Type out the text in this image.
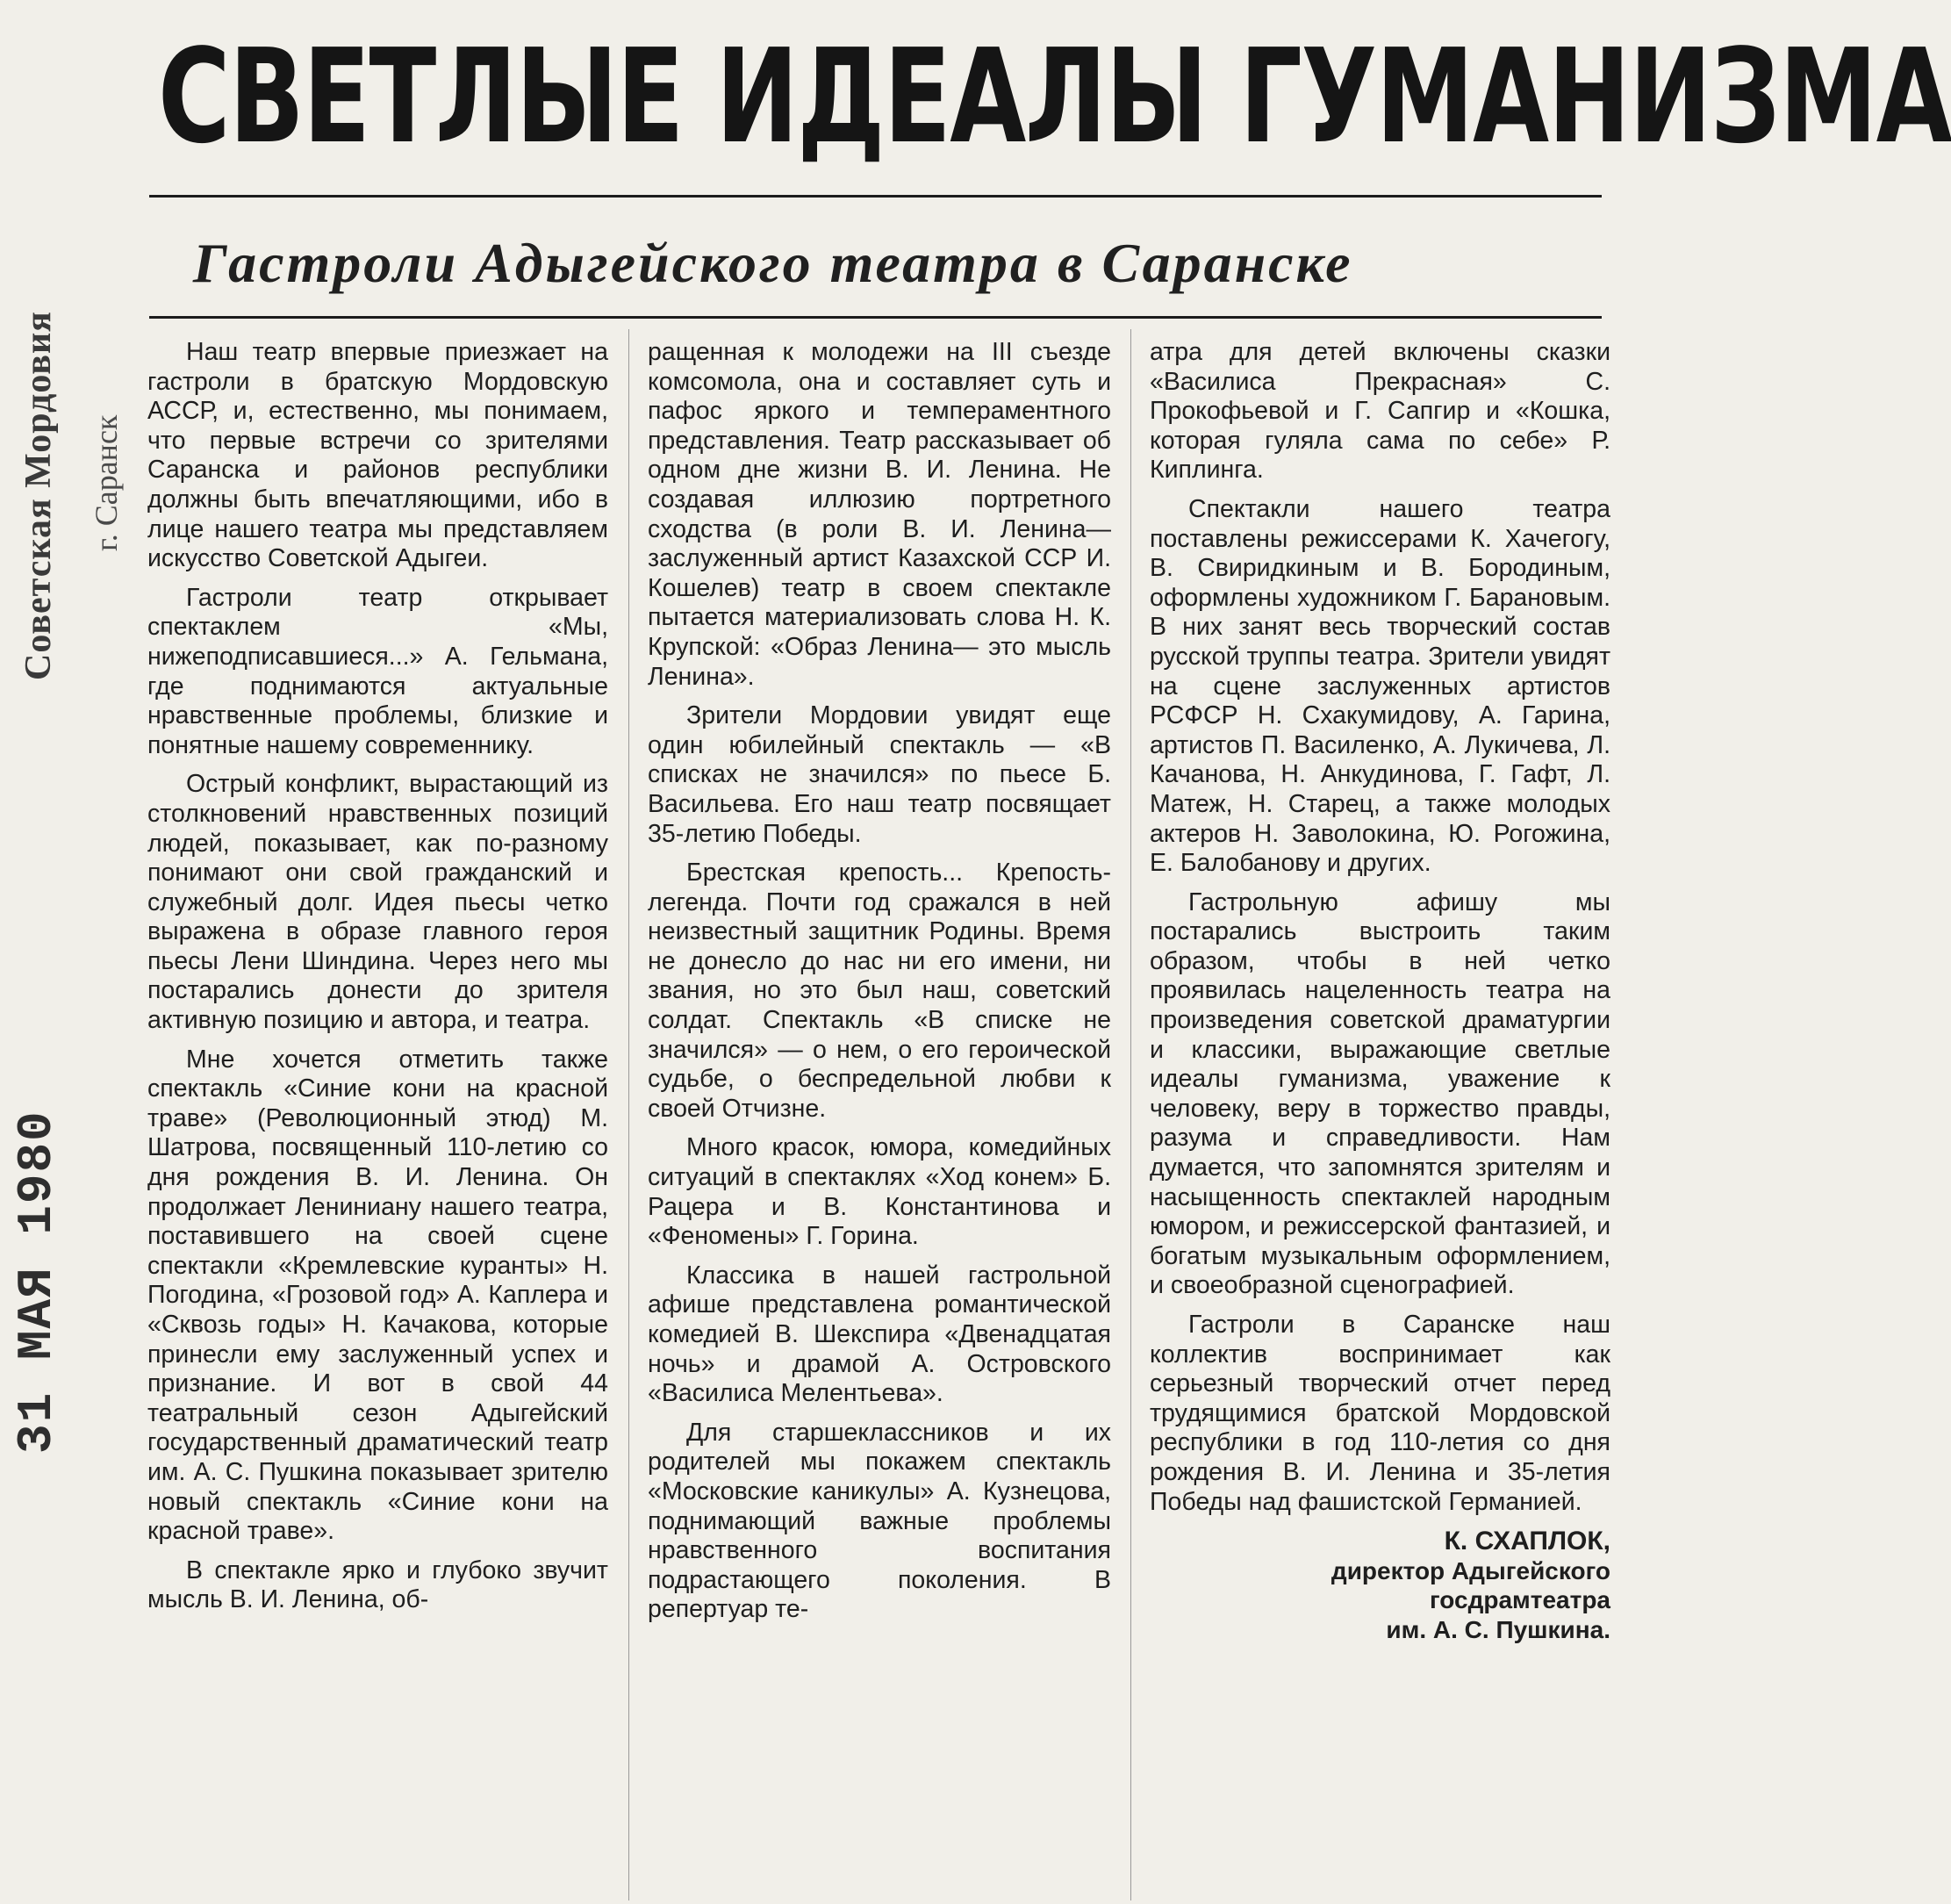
Советская Мордовия г. Саранск
31 МАЯ 1980
СВЕТЛЫЕ ИДЕАЛЫ ГУМАНИЗМА
Гастроли Адыгейского театра в Саранске

Наш театр впервые приезжает на гастроли в братскую Мордовскую АССР, и, естественно, мы понимаем, что первые встречи со зрителями Саранска и районов республики должны быть впечатляющими, ибо в лице нашего театра мы представляем искусство Советской Адыгеи.

Гастроли театр открывает спектаклем «Мы, нижеподписавшиеся...» А. Гельмана, где поднимаются актуальные нравственные проблемы, близкие и понятные нашему современнику.

Острый конфликт, вырастающий из столкновений нравственных позиций людей, показывает, как по-разному понимают они свой гражданский и служебный долг. Идея пьесы четко выражена в образе главного героя пьесы Лени Шиндина. Через него мы постарались донести до зрителя активную позицию и автора, и театра.

Мне хочется отметить также спектакль «Синие кони на красной траве» (Революционный этюд) М. Шатрова, посвященный 110-летию со дня рождения В. И. Ленина. Он продолжает Лениниану нашего театра, поставившего на своей сцене спектакли «Кремлевские куранты» Н. Погодина, «Грозовой год» А. Каплера и «Сквозь годы» Н. Качакова, которые принесли ему заслуженный успех и признание. И вот в свой 44 театральный сезон Адыгейский государственный драматический театр им. А. С. Пушкина показывает зрителю новый спектакль «Синие кони на красной траве».

В спектакле ярко и глубоко звучит мысль В. И. Ленина, об-

ращенная к молодежи на III съезде комсомола, она и составляет суть и пафос яркого и темпераментного представления. Театр рассказывает об одном дне жизни В. И. Ленина. Не создавая иллюзию портретного сходства (в роли В. И. Ленина—заслуженный артист Казахской ССР И. Кошелев) театр в своем спектакле пытается материализовать слова Н. К. Крупской: «Образ Ленина— это мысль Ленина».

Зрители Мордовии увидят еще один юбилейный спектакль — «В списках не значился» по пьесе Б. Васильева. Его наш театр посвящает 35-летию Победы.

Брестская крепость... Крепость-легенда. Почти год сражался в ней неизвестный защитник Родины. Время не донесло до нас ни его имени, ни звания, но это был наш, советский солдат. Спектакль «В списке не значился» — о нем, о его героической судьбе, о беспредельной любви к своей Отчизне.

Много красок, юмора, комедийных ситуаций в спектаклях «Ход конем» Б. Рацера и В. Константинова и «Феномены» Г. Горина.

Классика в нашей гастрольной афише представлена романтической комедией В. Шекспира «Двенадцатая ночь» и драмой А. Островского «Василиса Мелентьева».

Для старшеклассников и их родителей мы покажем спектакль «Московские каникулы» А. Кузнецова, поднимающий важные проблемы нравственного воспитания подрастающего поколения. В репертуар те-

атра для детей включены сказки «Василиса Прекрасная» С. Прокофьевой и Г. Сапгир и «Кошка, которая гуляла сама по себе» Р. Киплинга.

Спектакли нашего театра поставлены режиссерами К. Хачегогу, В. Свиридкиным и В. Бородиным, оформлены художником Г. Барановым. В них занят весь творческий состав русской труппы театра. Зрители увидят на сцене заслуженных артистов РСФСР Н. Схакумидову, А. Гарина, артистов П. Василенко, А. Лукичева, Л. Качанова, Н. Анкудинова, Г. Гафт, Л. Матеж, Н. Старец, а также молодых актеров Н. Заволокина, Ю. Рогожина, Е. Балобанову и других.

Гастрольную афишу мы постарались выстроить таким образом, чтобы в ней четко проявилась нацеленность театра на произведения советской драматургии и классики, выражающие светлые идеалы гуманизма, уважение к человеку, веру в торжество правды, разума и справедливости. Нам думается, что запомнятся зрителям и насыщенность спектаклей народным юмором, и режиссерской фантазией, и богатым музыкальным оформлением, и своеобразной сценографией.

Гастроли в Саранске наш коллектив воспринимает как серьезный творческий отчет перед трудящимися братской Мордовской республики в год 110-летия со дня рождения В. И. Ленина и 35-летия Победы над фашистской Германией.

К. СХАПЛОК,
директор Адыгейского
госдрамтеатра
им. А. С. Пушкина.
